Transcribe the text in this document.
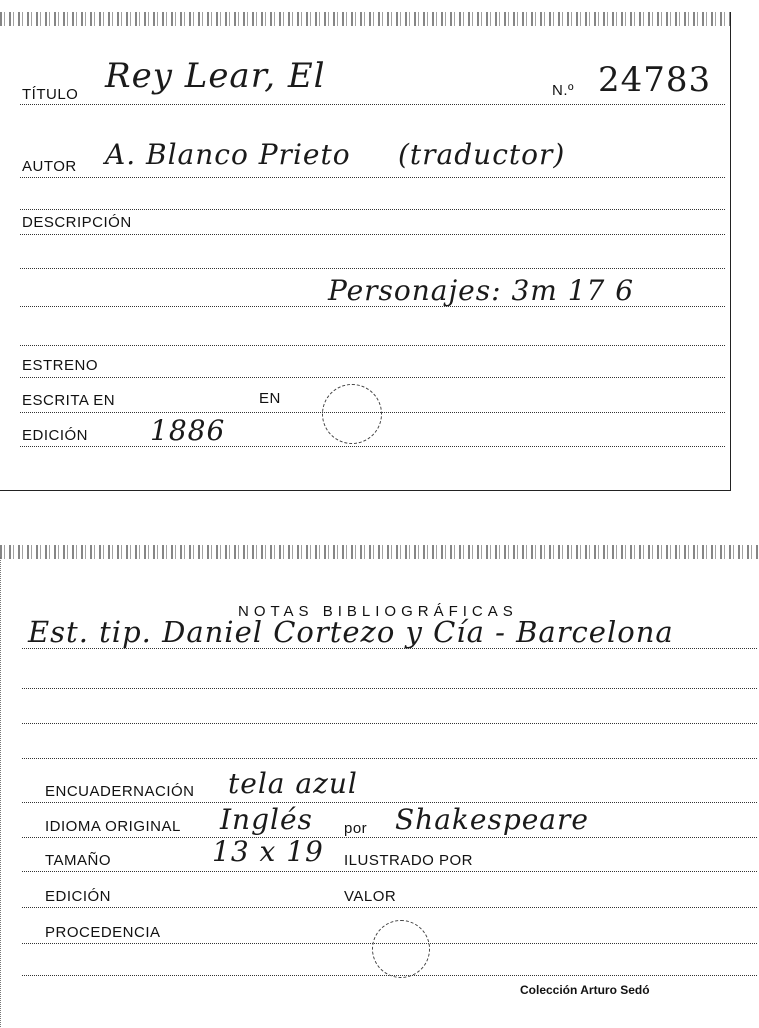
TÍTULO Rey Lear, El	N.º 24783
AUTOR A. Blanco Prieto (traductor)
DESCRIPCIÓN
Personajes: 3m 17 6
ESTRENO
ESCRITA EN	EN
EDICIÓN 1886
NOTAS BIBLIOGRÁFICAS
Est. tip. Daniel Cortezo y Cía - Barcelona
ENCUADERNACIÓN tela azul
IDIOMA ORIGINAL Inglés por Shakespeare
TAMAÑO	13 x 19 ILUSTRADO POR
EDICIÓN	VALOR
PROCEDENCIA
Colección Arturo Sedó
